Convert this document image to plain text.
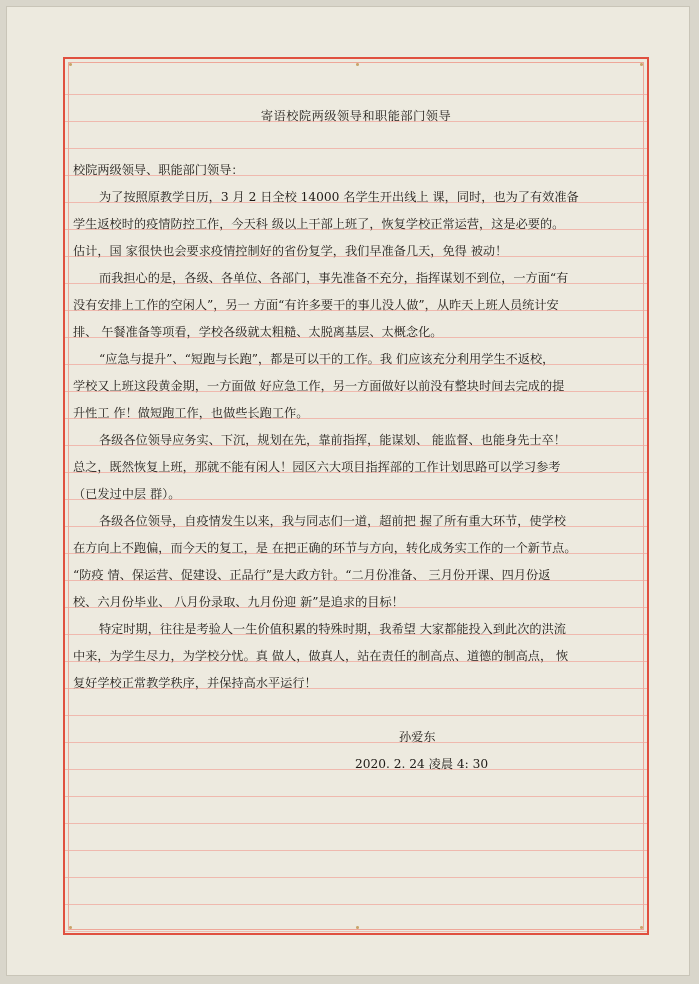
寄语校院两级领导和职能部门领导
校院两级领导、职能部门领导：
为了按照原教学日历，3 月 2 日全校 14000 名学生开出线上 课，同时，也为了有效准备
学生返校时的疫情防控工作，今天科 级以上干部上班了，恢复学校正常运营，这是必要的。
估计，国 家很快也会要求疫情控制好的省份复学，我们早准备几天，免得 被动！
而我担心的是，各级、各单位、各部门，事先准备不充分，指挥谋划不到位，一方面“有
没有安排上工作的空闲人”，另一 方面“有许多要干的事儿没人做”，从昨天上班人员统计安
排、 午餐准备等项看，学校各级就太粗糙、太脱离基层、太概念化。
“应急与提升”、“短跑与长跑”，都是可以干的工作。我 们应该充分利用学生不返校，
学校又上班这段黄金期，一方面做 好应急工作，另一方面做好以前没有整块时间去完成的提
升性工 作！做短跑工作，也做些长跑工作。
各级各位领导应务实、下沉，规划在先，靠前指挥，能谋划、 能监督、也能身先士卒！
总之，既然恢复上班，那就不能有闲人！园区六大项目指挥部的工作计划思路可以学习参考
（已发过中层 群）。
各级各位领导，自疫情发生以来，我与同志们一道，超前把 握了所有重大环节，使学校
在方向上不跑偏，而今天的复工，是 在把正确的环节与方向，转化成务实工作的一个新节点。
“防疫 情、保运营、促建设、正品行”是大政方针。“二月份准备、 三月份开课、四月份返
校、六月份毕业、 八月份录取、九月份迎 新”是追求的目标！
特定时期，往往是考验人一生价值积累的特殊时期，我希望 大家都能投入到此次的洪流
中来，为学生尽力，为学校分忧。真 做人，做真人，站在责任的制高点、道德的制高点， 恢
复好学校正常教学秩序，并保持高水平运行！
孙爱东
2020. 2. 24 凌晨 4: 30
